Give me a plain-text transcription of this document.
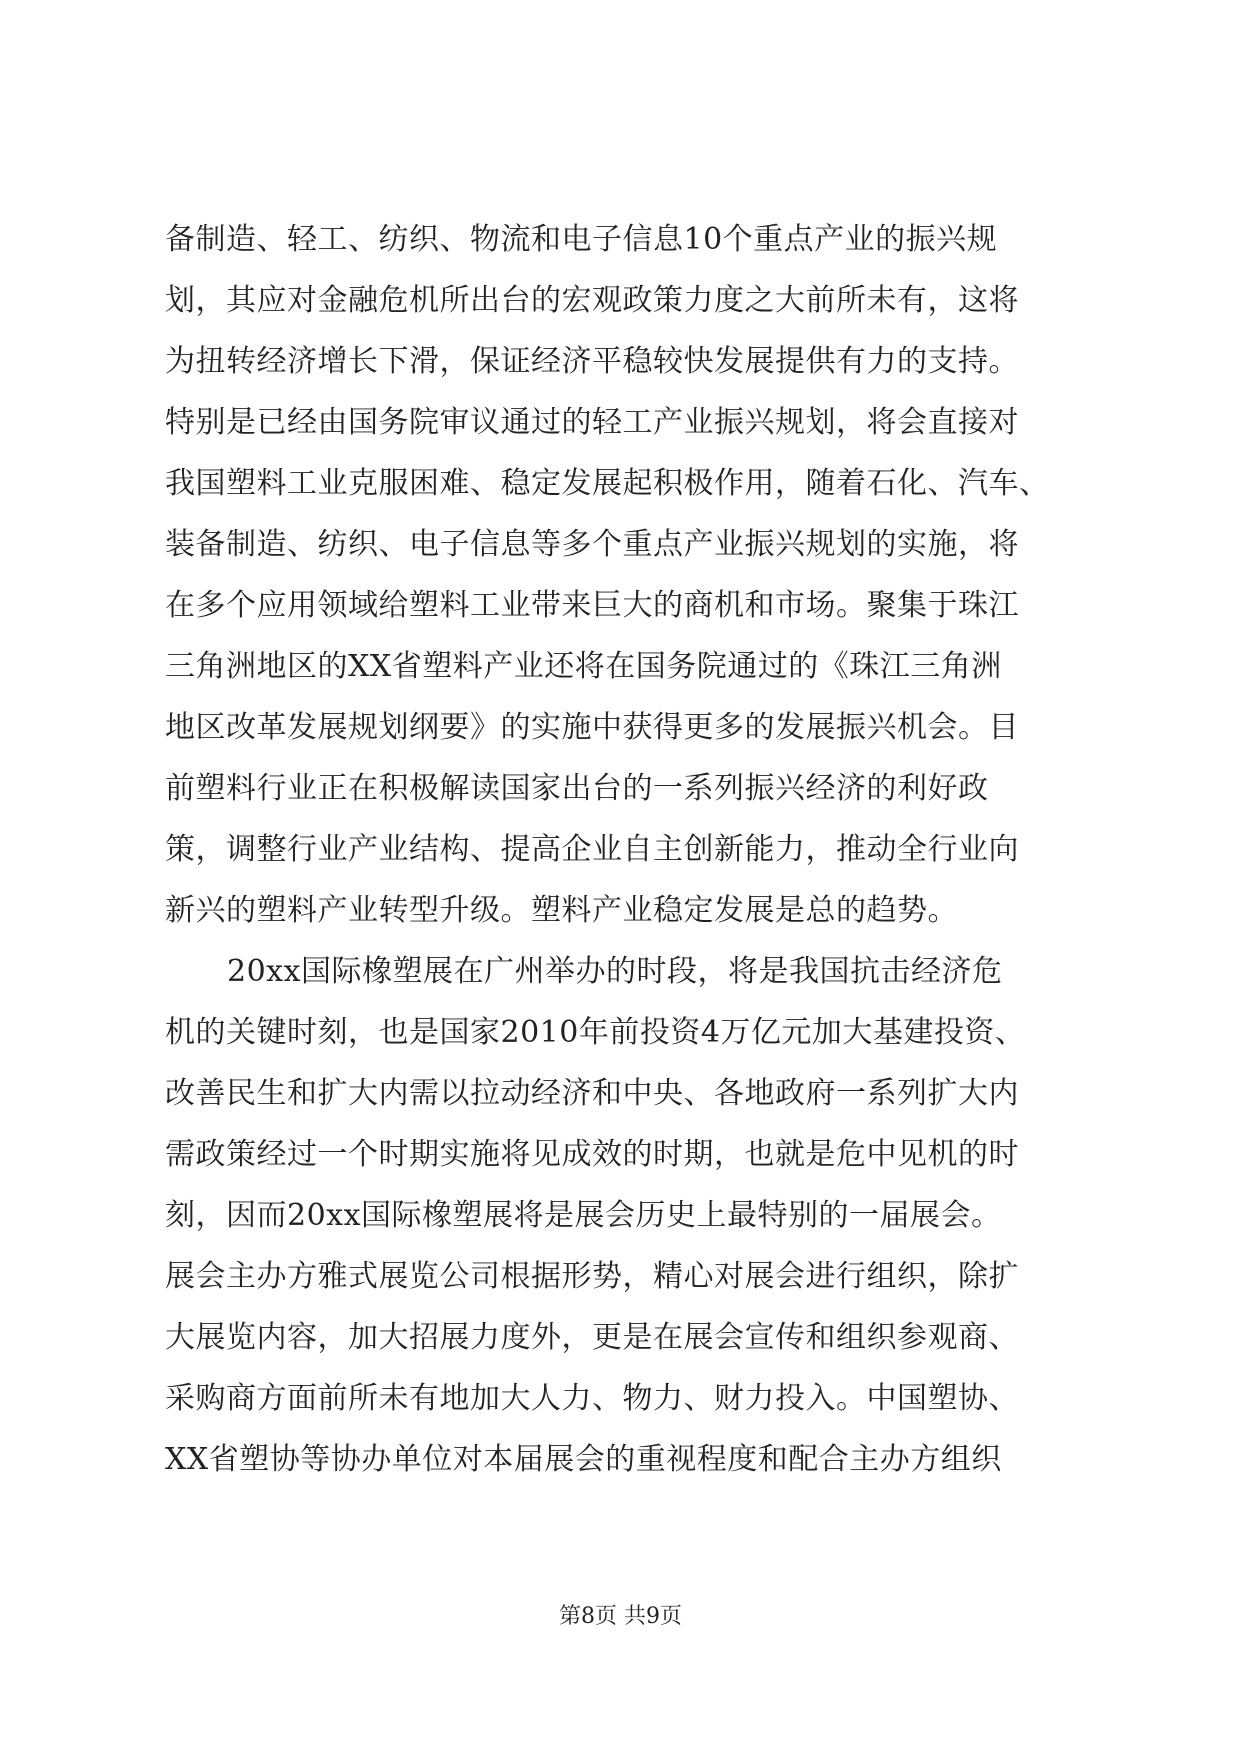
备制造、轻工、纺织、物流和电子信息10个重点产业的振兴规
划，其应对金融危机所出台的宏观政策力度之大前所未有，这将
为扭转经济增长下滑，保证经济平稳较快发展提供有力的支持。
特别是已经由国务院审议通过的轻工产业振兴规划，将会直接对
我国塑料工业克服困难、稳定发展起积极作用，随着石化、汽车、
装备制造、纺织、电子信息等多个重点产业振兴规划的实施，将
在多个应用领域给塑料工业带来巨大的商机和市场。聚集于珠江
三角洲地区的XX省塑料产业还将在国务院通过的《珠江三角洲
地区改革发展规划纲要》的实施中获得更多的发展振兴机会。目
前塑料行业正在积极解读国家出台的一系列振兴经济的利好政
策，调整行业产业结构、提高企业自主创新能力，推动全行业向
新兴的塑料产业转型升级。塑料产业稳定发展是总的趋势。
20xx国际橡塑展在广州举办的时段，将是我国抗击经济危
机的关键时刻，也是国家2010年前投资4万亿元加大基建投资、
改善民生和扩大内需以拉动经济和中央、各地政府一系列扩大内
需政策经过一个时期实施将见成效的时期，也就是危中见机的时
刻，因而20xx国际橡塑展将是展会历史上最特别的一届展会。
展会主办方雅式展览公司根据形势，精心对展会进行组织，除扩
大展览内容，加大招展力度外，更是在展会宣传和组织参观商、
采购商方面前所未有地加大人力、物力、财力投入。中国塑协、
XX省塑协等协办单位对本届展会的重视程度和配合主办方组织
第8页 共9页
